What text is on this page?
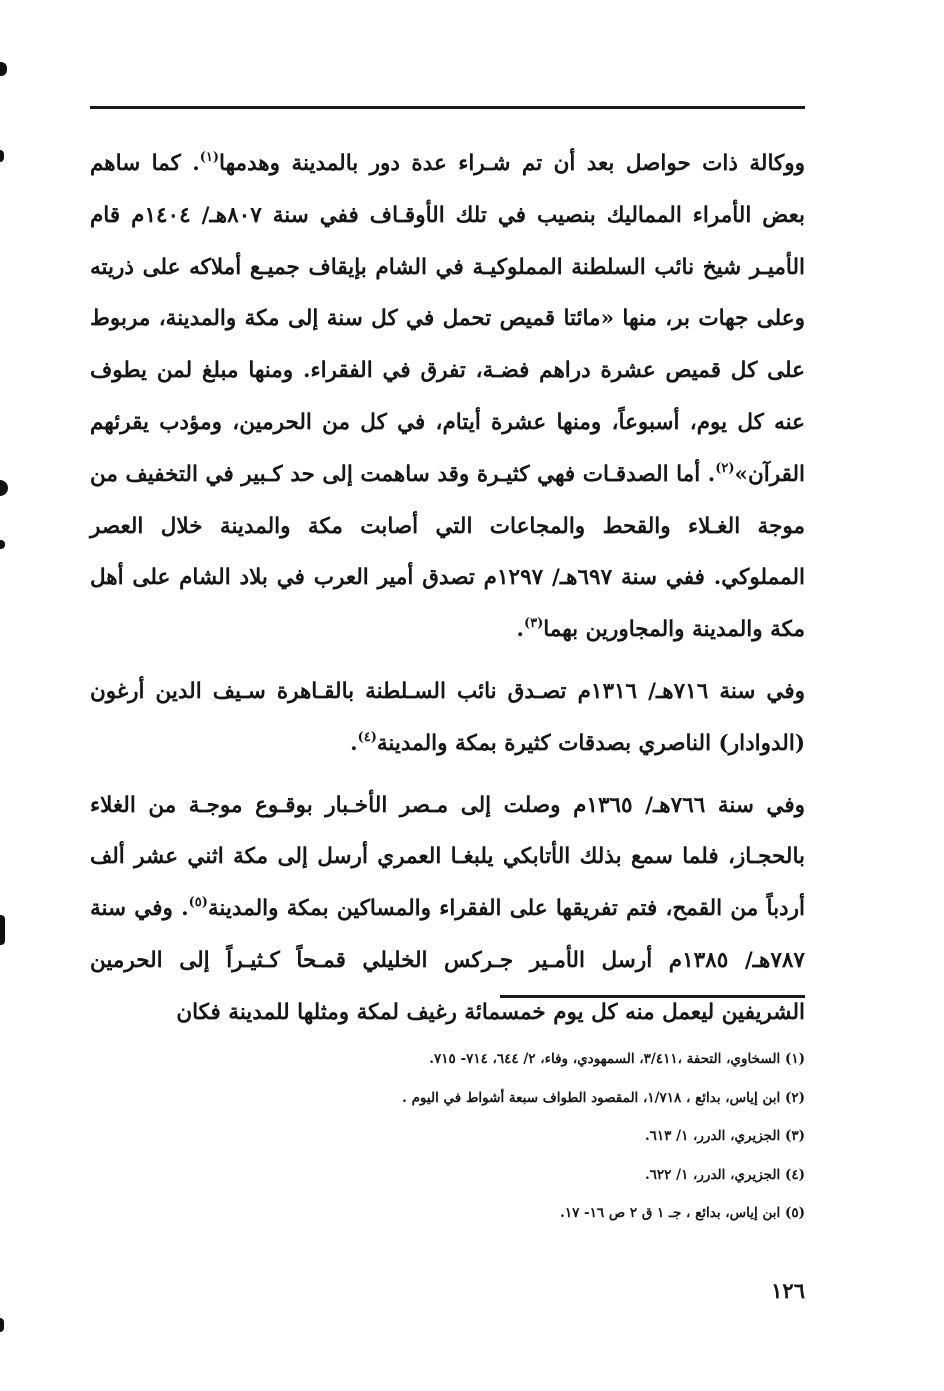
ووكالة ذات حواصل بعد أن تم شـراء عدة دور بالمدينة وهدمها$^{(١)}$. كما ساهم بعض الأمراء المماليك بنصيب في تلك الأوقـاف ففي سنة ٨٠٧هـ/ ١٤٠٤م قام الأميـر شيخ نائب السلطنة المملوكيـة في الشام بإيقاف جميـع أملاكه على ذريته وعلى جهات بر، منها «مائتا قميص تحمل في كل سنة إلى مكة والمدينة، مربوط على كل قميص عشرة دراهم فضـة، تفرق في الفقراء. ومنها مبلغ لمن يطوف عنه كل يوم، أسبوعاً، ومنها عشرة أيتام، في كل من الحرمين، ومؤدب يقرئهم القرآن»$^{(٢)}$. أما الصدقـات فهي كثيـرة وقد ساهمت إلى حد كـبير في التخفيف من موجة الغـلاء والقحط والمجاعات التي أصابت مكة والمدينة خلال العصر المملوكي. ففي سنة ٦٩٧هـ/ ١٢٩٧م تصدق أمير العرب في بلاد الشام على أهل مكة والمدينة والمجاورين بهما$^{(٣)}$.

وفي سنة ٧١٦هـ/ ١٣١٦م تصـدق نائب السـلطنة بالقـاهرة سـيف الدين أرغون (الدوادار) الناصري بصدقات كثيرة بمكة والمدينة$^{(٤)}$.

وفي سنة ٧٦٦هـ/ ١٣٦٥م وصلت إلى مـصر الأخـبار بوقـوع موجـة من الغلاء بالحجـاز، فلما سمع بذلك الأتابكي يلبغـا العمري أرسل إلى مكة اثني عشر ألف أردباً من القمح، فتم تفريقها على الفقراء والمساكين بمكة والمدينة$^{(٥)}$. وفي سنة ٧٨٧هـ/ ١٣٨٥م أرسل الأمـير جـركس الخليلي قمـحاً كـثيـراً إلى الحرمين الشريفين ليعمل منه كل يوم خمسمائة رغيف لمكة ومثلها للمدينة فكان

(١) السخاوي، التحفة ،٣/٤١١، السمهودي، وفاء، ٢/ ٦٤٤، ٧١٤- ٧١٥.
(٢) ابن إياس، بدائع ، ١/٧١٨، المقصود الطواف سبعة أشواط في اليوم .
(٣) الجزيري، الدرر، ١/ ٦١٣.
(٤) الجزيري، الدرر، ١/ ٦٢٢.
(٥) ابن إياس، بدائع ، جـ ١ ق ٢ ص ١٦- ١٧.
١٢٦
